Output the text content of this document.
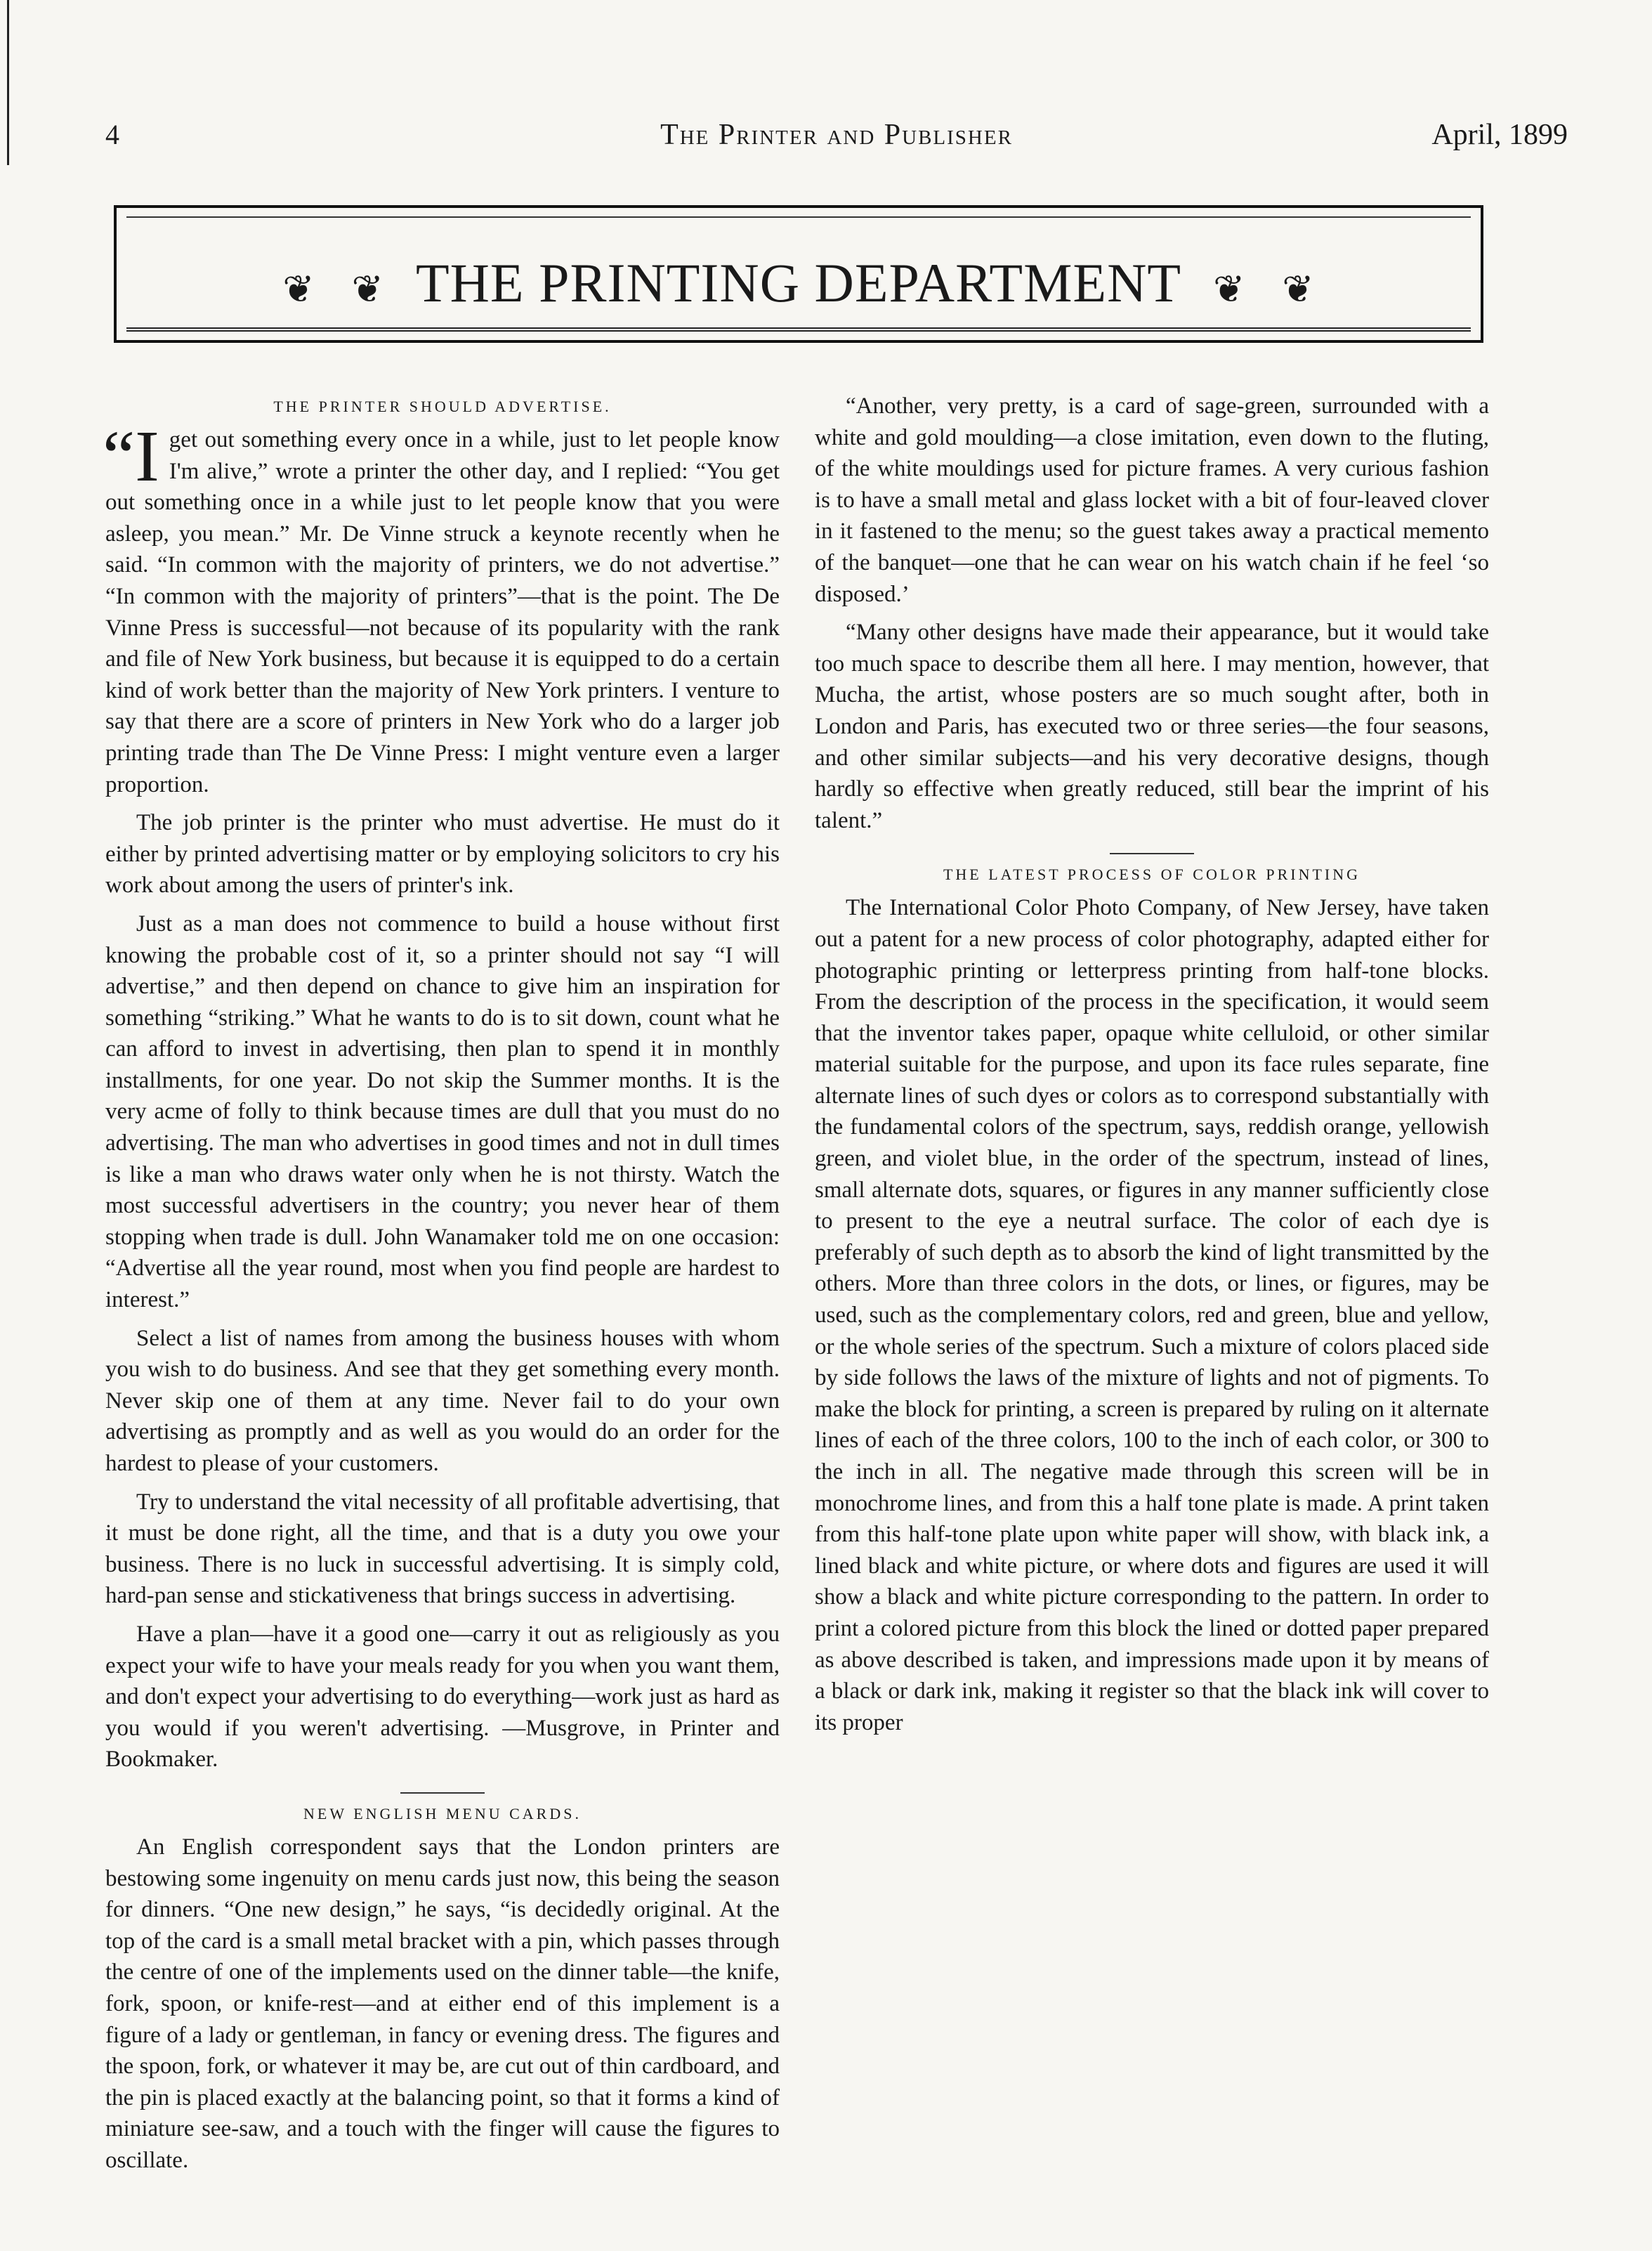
4	The Printer and Publisher	April, 1899
❦ ❦ THE PRINTING DEPARTMENT ❦ ❦
THE PRINTER SHOULD ADVERTISE.

“Iget out something every once in a while, just to let people know I'm alive,” wrote a printer the other day, and I replied: “You get out something once in a while just to let people know that you were asleep, you mean.” Mr. De Vinne struck a keynote recently when he said. “In common with the majority of printers, we do not advertise.” “In common with the majority of printers”—that is the point. The De Vinne Press is successful—not because of its popularity with the rank and file of New York business, but because it is equipped to do a certain kind of work better than the majority of New York printers. I venture to say that there are a score of printers in New York who do a larger job printing trade than The De Vinne Press: I might venture even a larger proportion.

The job printer is the printer who must advertise. He must do it either by printed advertising matter or by employing solicitors to cry his work about among the users of printer's ink.

Just as a man does not commence to build a house without first knowing the probable cost of it, so a printer should not say “I will advertise,” and then depend on chance to give him an inspiration for something “striking.” What he wants to do is to sit down, count what he can afford to invest in advertising, then plan to spend it in monthly installments, for one year. Do not skip the Summer months. It is the very acme of folly to think because times are dull that you must do no advertising. The man who advertises in good times and not in dull times is like a man who draws water only when he is not thirsty. Watch the most successful advertisers in the country; you never hear of them stopping when trade is dull. John Wanamaker told me on one occasion: “Advertise all the year round, most when you find people are hardest to interest.”

Select a list of names from among the business houses with whom you wish to do business. And see that they get something every month. Never skip one of them at any time. Never fail to do your own advertising as promptly and as well as you would do an order for the hardest to please of your customers.

Try to understand the vital necessity of all profitable advertising, that it must be done right, all the time, and that is a duty you owe your business. There is no luck in successful advertising. It is simply cold, hard-pan sense and stickativeness that brings success in advertising.

Have a plan—have it a good one—carry it out as religiously as you expect your wife to have your meals ready for you when you want them, and don't expect your advertising to do everything—work just as hard as you would if you weren't advertising. —Musgrove, in Printer and Bookmaker.

NEW ENGLISH MENU CARDS.

An English correspondent says that the London printers are bestowing some ingenuity on menu cards just now, this being the season for dinners. “One new design,” he says, “is decidedly original. At the top of the card is a small metal bracket with a pin, which passes through the centre of one of the implements used on the dinner table—the knife, fork, spoon, or knife-rest—and at either end of this implement is a figure of a lady or gentleman, in fancy or evening dress. The figures and the spoon, fork, or whatever it may be, are cut out of thin cardboard, and the pin is placed exactly at the balancing point, so that it forms a kind of miniature see-saw, and a touch with the finger will cause the figures to oscillate.

“Another, very pretty, is a card of sage-green, surrounded with a white and gold moulding—a close imitation, even down to the fluting, of the white mouldings used for picture frames. A very curious fashion is to have a small metal and glass locket with a bit of four-leaved clover in it fastened to the menu; so the guest takes away a practical memento of the banquet—one that he can wear on his watch chain if he feel ‘so disposed.’

“Many other designs have made their appearance, but it would take too much space to describe them all here. I may mention, however, that Mucha, the artist, whose posters are so much sought after, both in London and Paris, has executed two or three series—the four seasons, and other similar subjects—and his very decorative designs, though hardly so effective when greatly reduced, still bear the imprint of his talent.”

THE LATEST PROCESS OF COLOR PRINTING

The International Color Photo Company, of New Jersey, have taken out a patent for a new process of color photography, adapted either for photographic printing or letterpress printing from half-tone blocks. From the description of the process in the specification, it would seem that the inventor takes paper, opaque white celluloid, or other similar material suitable for the purpose, and upon its face rules separate, fine alternate lines of such dyes or colors as to correspond substantially with the fundamental colors of the spectrum, says, reddish orange, yellowish green, and violet blue, in the order of the spectrum, instead of lines, small alternate dots, squares, or figures in any manner sufficiently close to present to the eye a neutral surface. The color of each dye is preferably of such depth as to absorb the kind of light transmitted by the others. More than three colors in the dots, or lines, or figures, may be used, such as the complementary colors, red and green, blue and yellow, or the whole series of the spectrum. Such a mixture of colors placed side by side follows the laws of the mixture of lights and not of pigments. To make the block for printing, a screen is prepared by ruling on it alternate lines of each of the three colors, 100 to the inch of each color, or 300 to the inch in all. The negative made through this screen will be in monochrome lines, and from this a half tone plate is made. A print taken from this half-tone plate upon white paper will show, with black ink, a lined black and white picture, or where dots and figures are used it will show a black and white picture corresponding to the pattern. In order to print a colored picture from this block the lined or dotted paper prepared as above described is taken, and impressions made upon it by means of a black or dark ink, making it register so that the black ink will cover to its proper
